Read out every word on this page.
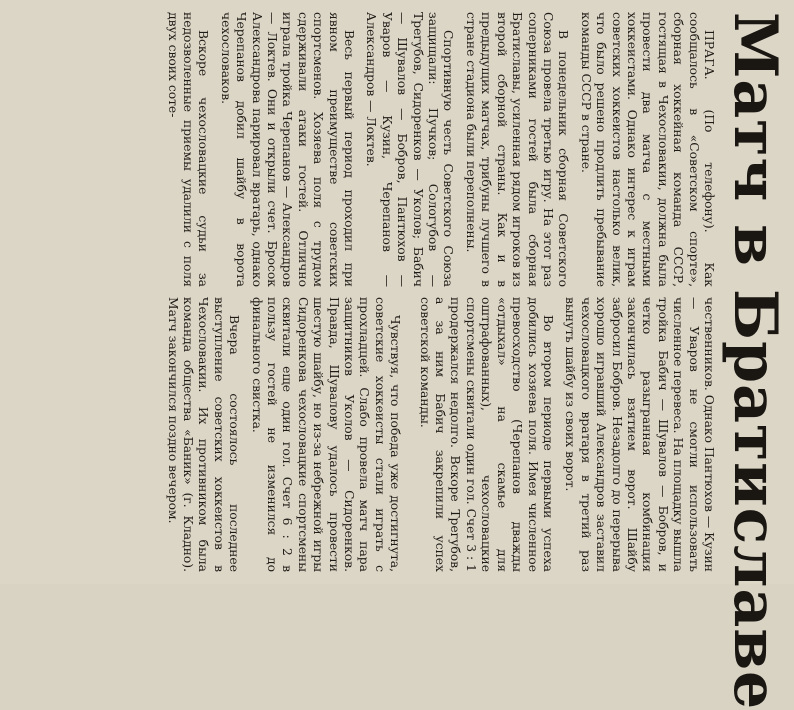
Матч в Братиславе

ПРАГА. (По телефону). Как сообщалось в «Советском спорте», сборная хоккейная команда СССР, гостящая в Чехословакии, должна была провести два матча с местными хоккеистами. Однако интерес к играм советских хоккеистов настолько велик, что было решено продлить пребывание команды СССР в стране.

В понедельник сборная Советского Союза провела третью игру. На этот раз соперниками гостей была сборная Братиславы, усиленная рядом игроков из второй сборной страны. Как и в предыдущих матчах, трибуны лучшего в стране стадиона были переполнены.

Спортивную честь Советского Союза защищали: Пучков; Сологубов — Трегубов, Сидоренков — Уколов; Бабич — Шувалов — Бобров, Пантюхов — Уваров — Кузин, Черепанов — Александров — Локтев.

Весь первый период проходил при явном преимуществе советских спортсменов. Хозяева поля с трудом сдерживали атаки гостей. Отлично играла тройка Черепанов — Александров — Локтев. Они и открыли счет. Бросок Александрова парировал вратарь, однако Черепанов добил шайбу в ворота чехословаков.

Вскоре чехословацкие судьи за недозволенные приемы удалили с поля двух своих соте-

чественников. Однако Пантюхов — Кузин — Уваров не смогли использовать численное перевеса. На площадку вышла тройка Бабич — Шувалов — Бобров, и четко разыгранная комбинация закончилась взятием ворот. Шайбу забросил Бобров. Незадолго до перерыва хорошо игравший Александров заставил чехословацкого вратаря в третий раз вынуть шайбу из своих ворот.

Во втором периоде первыми успеха добились хозяева поля. Имея численное превосходство (Черепанов дважды «отдыхал» на скамье для оштрафованных), чехословацкие спортсмены сквитали один гол. Счет 3 : 1 продержался недолго. Вскоре Трегубов, а за ним Бабич закрепили успех советской команды.

Чувствуя, что победа уже достигнута, советские хоккеисты стали играть с прохладцей. Слабо провела матч пара защитников Уколов — Сидоренков. Правда, Шувалову удалось провести шестую шайбу, но из-за небрежной игры Сидоренкова чехословацкие спортсмены сквитали еще один гол. Счет 6 : 2 в пользу гостей не изменился до финального свистка.

Вчера состоялось последнее выступление советских хоккеистов в Чехословакии. Их противником была команда общества «Баник» (г. Кладно). Матч закончился поздно вечером.
